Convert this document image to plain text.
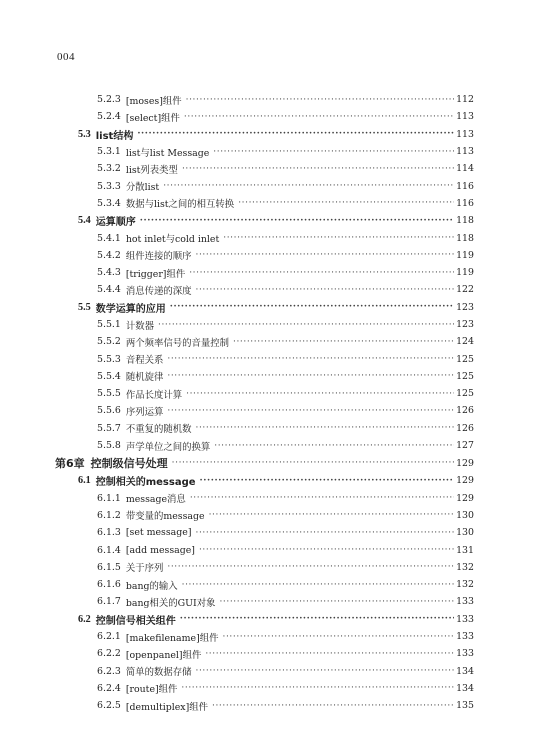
004
5.2.3 [moses]组件 ·····	112
5.2.4 [select]组件 ·····	113
5.3 list结构 ·····	113
5.3.1 list与list Message ·····	113
5.3.2 list列表类型 ·····	114
5.3.3 分散list ·····	116
5.3.4 数据与list之间的相互转换 ·····	116
5.4 运算顺序 ·····	118
5.4.1 hot inlet与cold inlet ·····	118
5.4.2 组件连接的顺序 ·····	119
5.4.3 [trigger]组件 ·····	119
5.4.4 消息传递的深度 ·····	122
5.5 数学运算的应用 ·····	123
5.5.1 计数器 ·····	123
5.5.2 两个频率信号的音量控制 ·····	124
5.5.3 音程关系 ·····	125
5.5.4 随机旋律 ·····	125
5.5.5 作品长度计算 ·····	125
5.5.6 序列运算 ·····	126
5.5.7 不重复的随机数 ·····	126
5.5.8 声学单位之间的换算 ·····	127
第6章 控制级信号处理 ·····	129
6.1 控制相关的message ·····	129
6.1.1 message消息 ·····	129
6.1.2 带变量的message ·····	130
6.1.3 [set message] ·····	130
6.1.4 [add message] ·····	131
6.1.5 关于序列 ·····	132
6.1.6 bang的输入 ·····	132
6.1.7 bang相关的GUI对象 ·····	133
6.2 控制信号相关组件 ·····	133
6.2.1 [makefilename]组件 ·····	133
6.2.2 [openpanel]组件 ·····	133
6.2.3 简单的数据存储 ·····	134
6.2.4 [route]组件 ·····	134
6.2.5 [demultiplex]组件 ·····	135
